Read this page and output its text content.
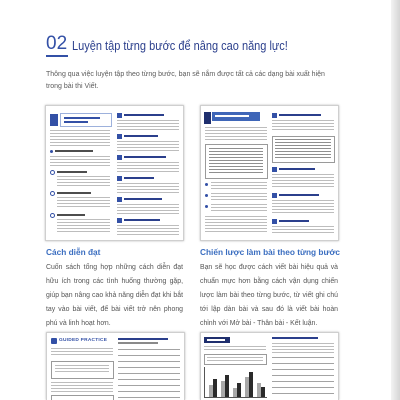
02 Luyện tập từng bước để nâng cao năng lực!

Thông qua việc luyện tập theo từng bước, bạn sẽ nắm được tất cả các dạng bài xuất hiện trong bài thi Viết.

Cách diễn đạt	Chiến lược làm bài theo từng bước

Cuốn sách tổng hợp những cách diễn đạt hữu ích trong các tình huống thường gặp, giúp bạn nâng cao khả năng diễn đạt khi bắt tay vào bài viết, để bài viết trở nên phong phú và linh hoạt hơn.

Bạn sẽ học được cách viết bài hiệu quả và chuẩn mực hơn bằng cách vận dụng chiến lược làm bài theo từng bước, từ viết ghi chú tới lập dàn bài và sau đó là viết bài hoàn chỉnh với Mở bài - Thân bài - Kết luận.

GUIDED PRACTICE
